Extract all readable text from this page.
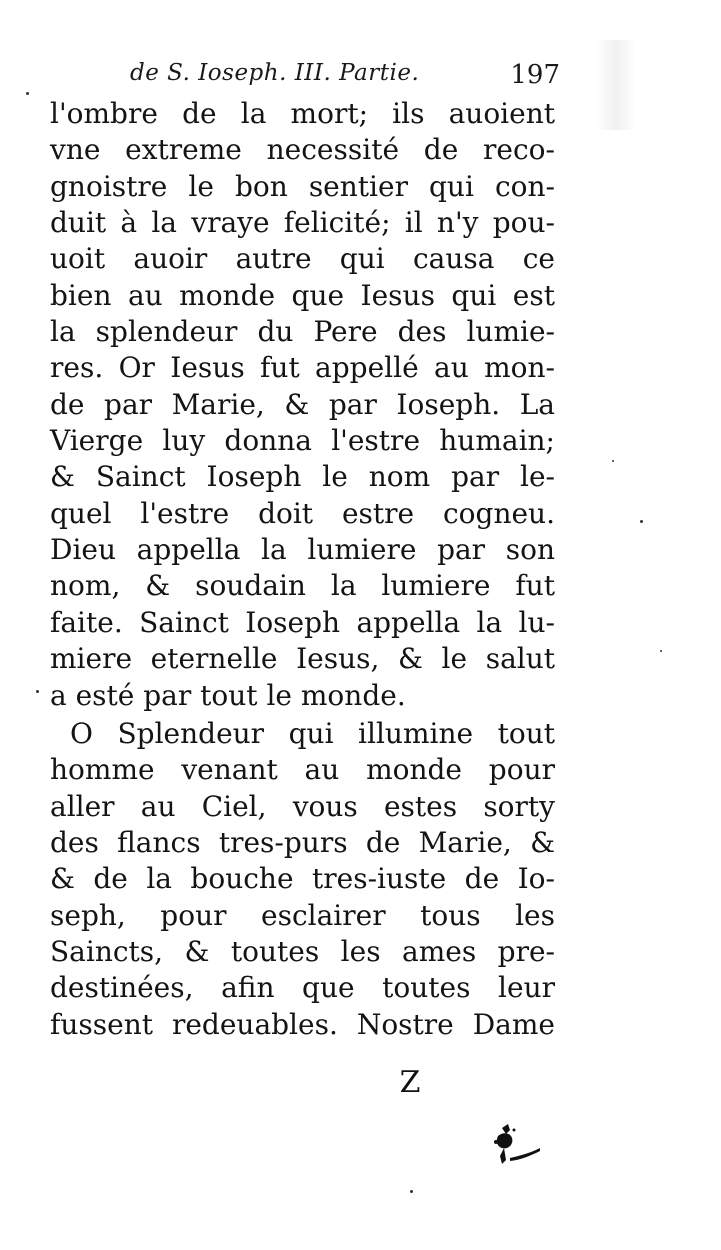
de S. Ioseph. III. Partie.	197
l'ombre de la mort; ils auoient
vne extreme necessité de reco-
gnoistre le bon sentier qui con-
duit à la vraye felicité; il n'y pou-
uoit auoir autre qui causa ce
bien au monde que Iesus qui est
la splendeur du Pere des lumie-
res. Or Iesus fut appellé au mon-
de par Marie, & par Ioseph. La
Vierge luy donna l'estre humain;
& Sainct Ioseph le nom par le-
quel l'estre doit estre cogneu.
Dieu appella la lumiere par son
nom, & soudain la lumiere fut
faite. Sainct Ioseph appella la lu-
miere eternelle Iesus, & le salut
a esté par tout le monde.
O Splendeur qui illumine tout
homme venant au monde pour
aller au Ciel, vous estes sorty
des flancs tres-purs de Marie, &
& de la bouche tres-iuste de Io-
seph, pour esclairer tous les
Saincts, & toutes les ames pre-
destinées, afin que toutes leur
fussent redeuables. Nostre Dame
Z
